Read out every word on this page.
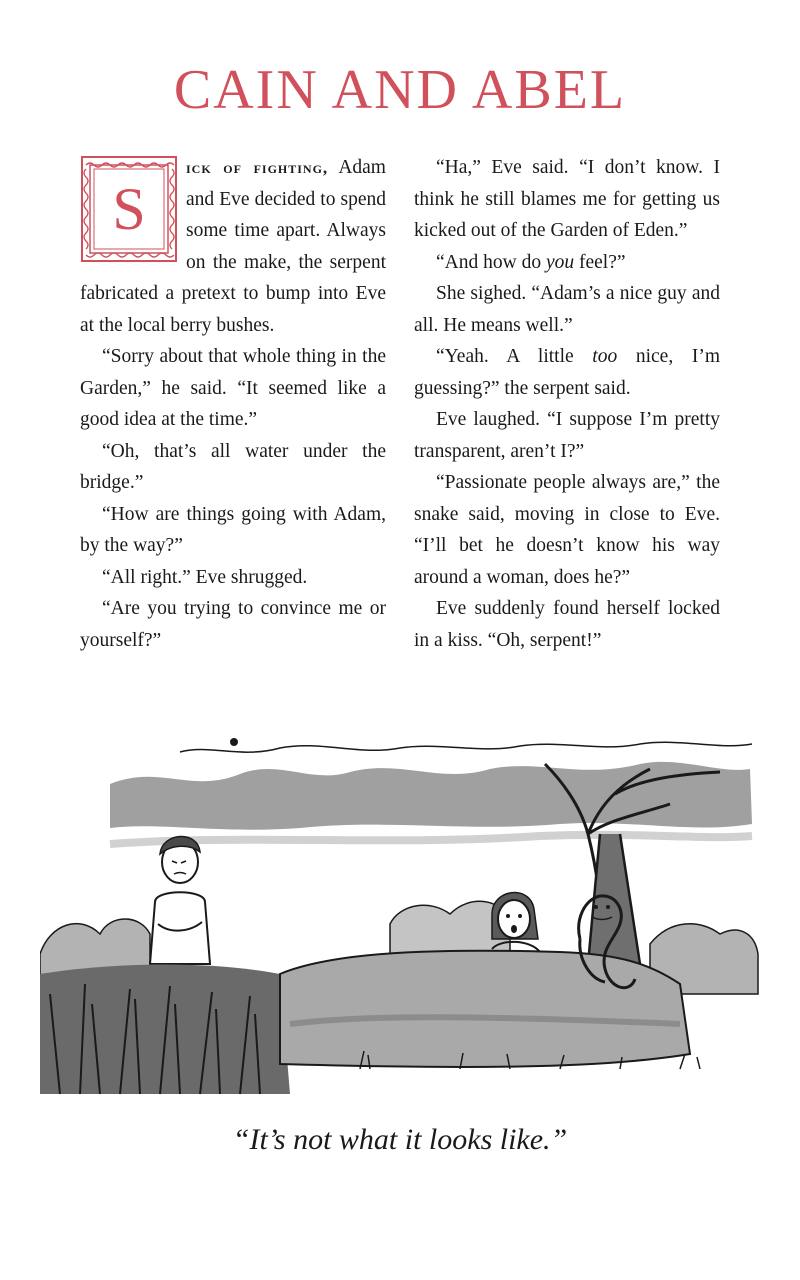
CAIN AND ABEL

S
ick of fighting, Adam and Eve decided to spend some time apart. Always on the make, the serpent fabricated a pretext to bump into Eve at the local berry bushes.

“Sorry about that whole thing in the Garden,” he said. “It seemed like a good idea at the time.”

“Oh, that’s all water under the bridge.”

“How are things going with Adam, by the way?”

“All right.” Eve shrugged.

“Are you trying to convince me or yourself?”

“Ha,” Eve said. “I don’t know. I think he still blames me for getting us kicked out of the Garden of Eden.”

“And how do you feel?”

She sighed. “Adam’s a nice guy and all. He means well.”

“Yeah. A little too nice, I’m guessing?” the serpent said.

Eve laughed. “I suppose I’m pretty transparent, aren’t I?”

“Passionate people always are,” the snake said, moving in close to Eve. “I’ll bet he doesn’t know his way around a woman, does he?”

Eve suddenly found herself locked in a kiss. “Oh, serpent!”

“It’s not what it looks like.”
